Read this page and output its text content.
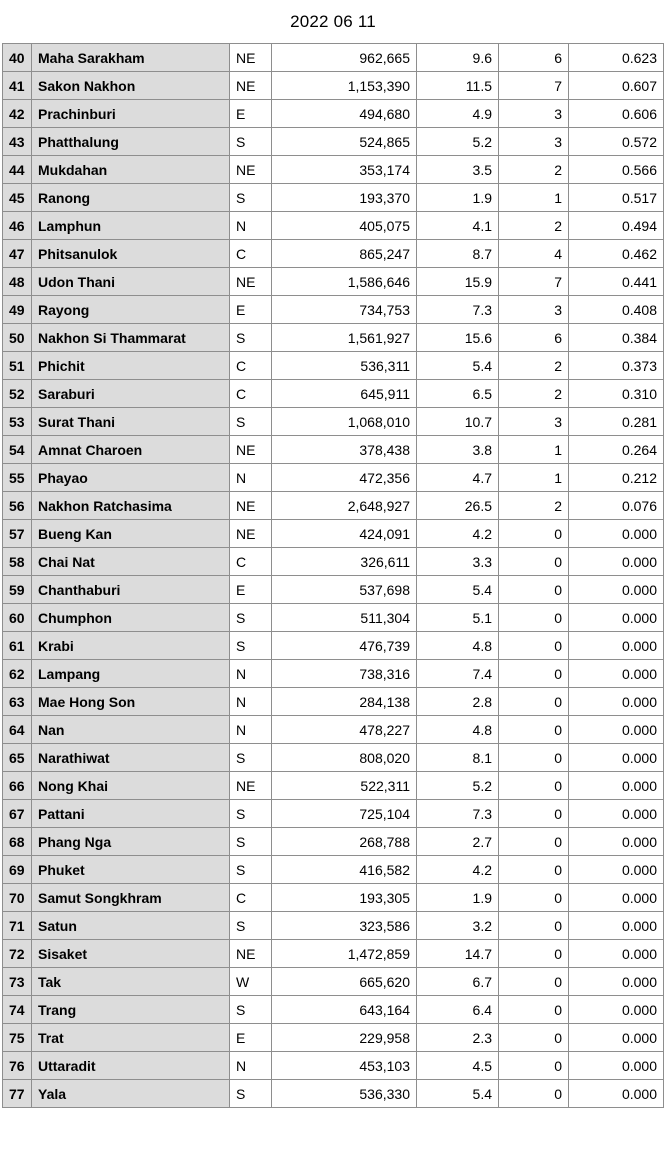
2022 06 11
40	Maha Sarakham	NE	962,665	9.6	6	0.623
41	Sakon Nakhon	NE	1,153,390	11.5	7	0.607
42	Prachinburi	E	494,680	4.9	3	0.606
43	Phatthalung	S	524,865	5.2	3	0.572
44	Mukdahan	NE	353,174	3.5	2	0.566
45	Ranong	S	193,370	1.9	1	0.517
46	Lamphun	N	405,075	4.1	2	0.494
47	Phitsanulok	C	865,247	8.7	4	0.462
48	Udon Thani	NE	1,586,646	15.9	7	0.441
49	Rayong	E	734,753	7.3	3	0.408
50	Nakhon Si Thammarat	S	1,561,927	15.6	6	0.384
51	Phichit	C	536,311	5.4	2	0.373
52	Saraburi	C	645,911	6.5	2	0.310
53	Surat Thani	S	1,068,010	10.7	3	0.281
54	Amnat Charoen	NE	378,438	3.8	1	0.264
55	Phayao	N	472,356	4.7	1	0.212
56	Nakhon Ratchasima	NE	2,648,927	26.5	2	0.076
57	Bueng Kan	NE	424,091	4.2	0	0.000
58	Chai Nat	C	326,611	3.3	0	0.000
59	Chanthaburi	E	537,698	5.4	0	0.000
60	Chumphon	S	511,304	5.1	0	0.000
61	Krabi	S	476,739	4.8	0	0.000
62	Lampang	N	738,316	7.4	0	0.000
63	Mae Hong Son	N	284,138	2.8	0	0.000
64	Nan	N	478,227	4.8	0	0.000
65	Narathiwat	S	808,020	8.1	0	0.000
66	Nong Khai	NE	522,311	5.2	0	0.000
67	Pattani	S	725,104	7.3	0	0.000
68	Phang Nga	S	268,788	2.7	0	0.000
69	Phuket	S	416,582	4.2	0	0.000
70	Samut Songkhram	C	193,305	1.9	0	0.000
71	Satun	S	323,586	3.2	0	0.000
72	Sisaket	NE	1,472,859	14.7	0	0.000
73	Tak	W	665,620	6.7	0	0.000
74	Trang	S	643,164	6.4	0	0.000
75	Trat	E	229,958	2.3	0	0.000
76	Uttaradit	N	453,103	4.5	0	0.000
77	Yala	S	536,330	5.4	0	0.000
